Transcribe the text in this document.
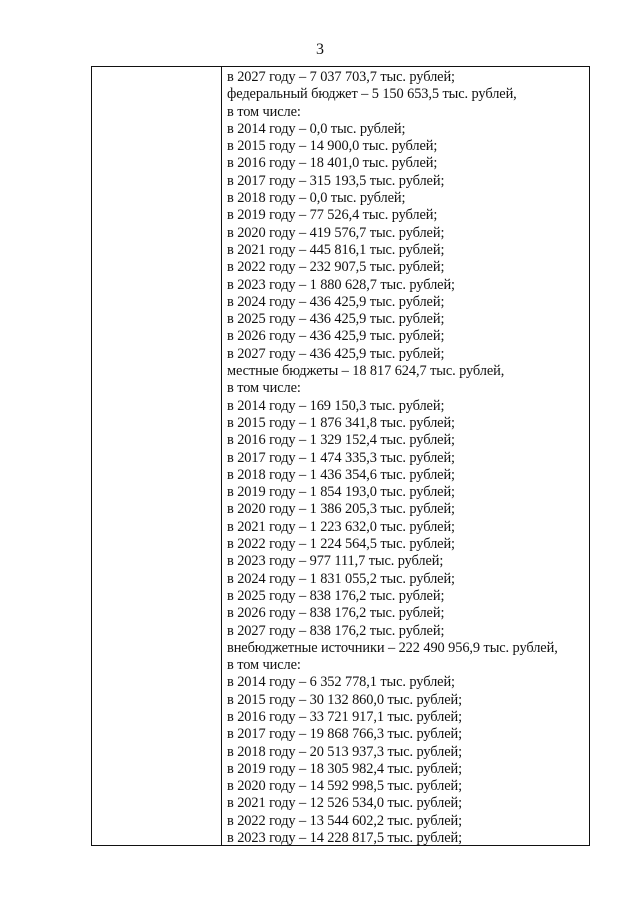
3
в 2027 году – 7 037 703,7 тыс. рублей;
федеральный бюджет – 5 150 653,5 тыс. рублей,
в том числе:
в 2014 году – 0,0 тыс. рублей;
в 2015 году – 14 900,0 тыс. рублей;
в 2016 году – 18 401,0 тыс. рублей;
в 2017 году – 315 193,5 тыс. рублей;
в 2018 году – 0,0 тыс. рублей;
в 2019 году – 77 526,4 тыс. рублей;
в 2020 году – 419 576,7 тыс. рублей;
в 2021 году – 445 816,1 тыс. рублей;
в 2022 году – 232 907,5 тыс. рублей;
в 2023 году – 1 880 628,7 тыс. рублей;
в 2024 году – 436 425,9 тыс. рублей;
в 2025 году – 436 425,9 тыс. рублей;
в 2026 году – 436 425,9 тыс. рублей;
в 2027 году – 436 425,9 тыс. рублей;
местные бюджеты – 18 817 624,7 тыс. рублей,
в том числе:
в 2014 году – 169 150,3 тыс. рублей;
в 2015 году – 1 876 341,8 тыс. рублей;
в 2016 году – 1 329 152,4 тыс. рублей;
в 2017 году – 1 474 335,3 тыс. рублей;
в 2018 году – 1 436 354,6 тыс. рублей;
в 2019 году – 1 854 193,0 тыс. рублей;
в 2020 году – 1 386 205,3 тыс. рублей;
в 2021 году – 1 223 632,0 тыс. рублей;
в 2022 году – 1 224 564,5 тыс. рублей;
в 2023 году – 977 111,7 тыс. рублей;
в 2024 году – 1 831 055,2 тыс. рублей;
в 2025 году – 838 176,2 тыс. рублей;
в 2026 году – 838 176,2 тыс. рублей;
в 2027 году – 838 176,2 тыс. рублей;
внебюджетные источники – 222 490 956,9 тыс. рублей,
в том числе:
в 2014 году – 6 352 778,1 тыс. рублей;
в 2015 году – 30 132 860,0 тыс. рублей;
в 2016 году – 33 721 917,1 тыс. рублей;
в 2017 году – 19 868 766,3 тыс. рублей;
в 2018 году – 20 513 937,3 тыс. рублей;
в 2019 году – 18 305 982,4 тыс. рублей;
в 2020 году – 14 592 998,5 тыс. рублей;
в 2021 году – 12 526 534,0 тыс. рублей;
в 2022 году – 13 544 602,2 тыс. рублей;
в 2023 году – 14 228 817,5 тыс. рублей;
